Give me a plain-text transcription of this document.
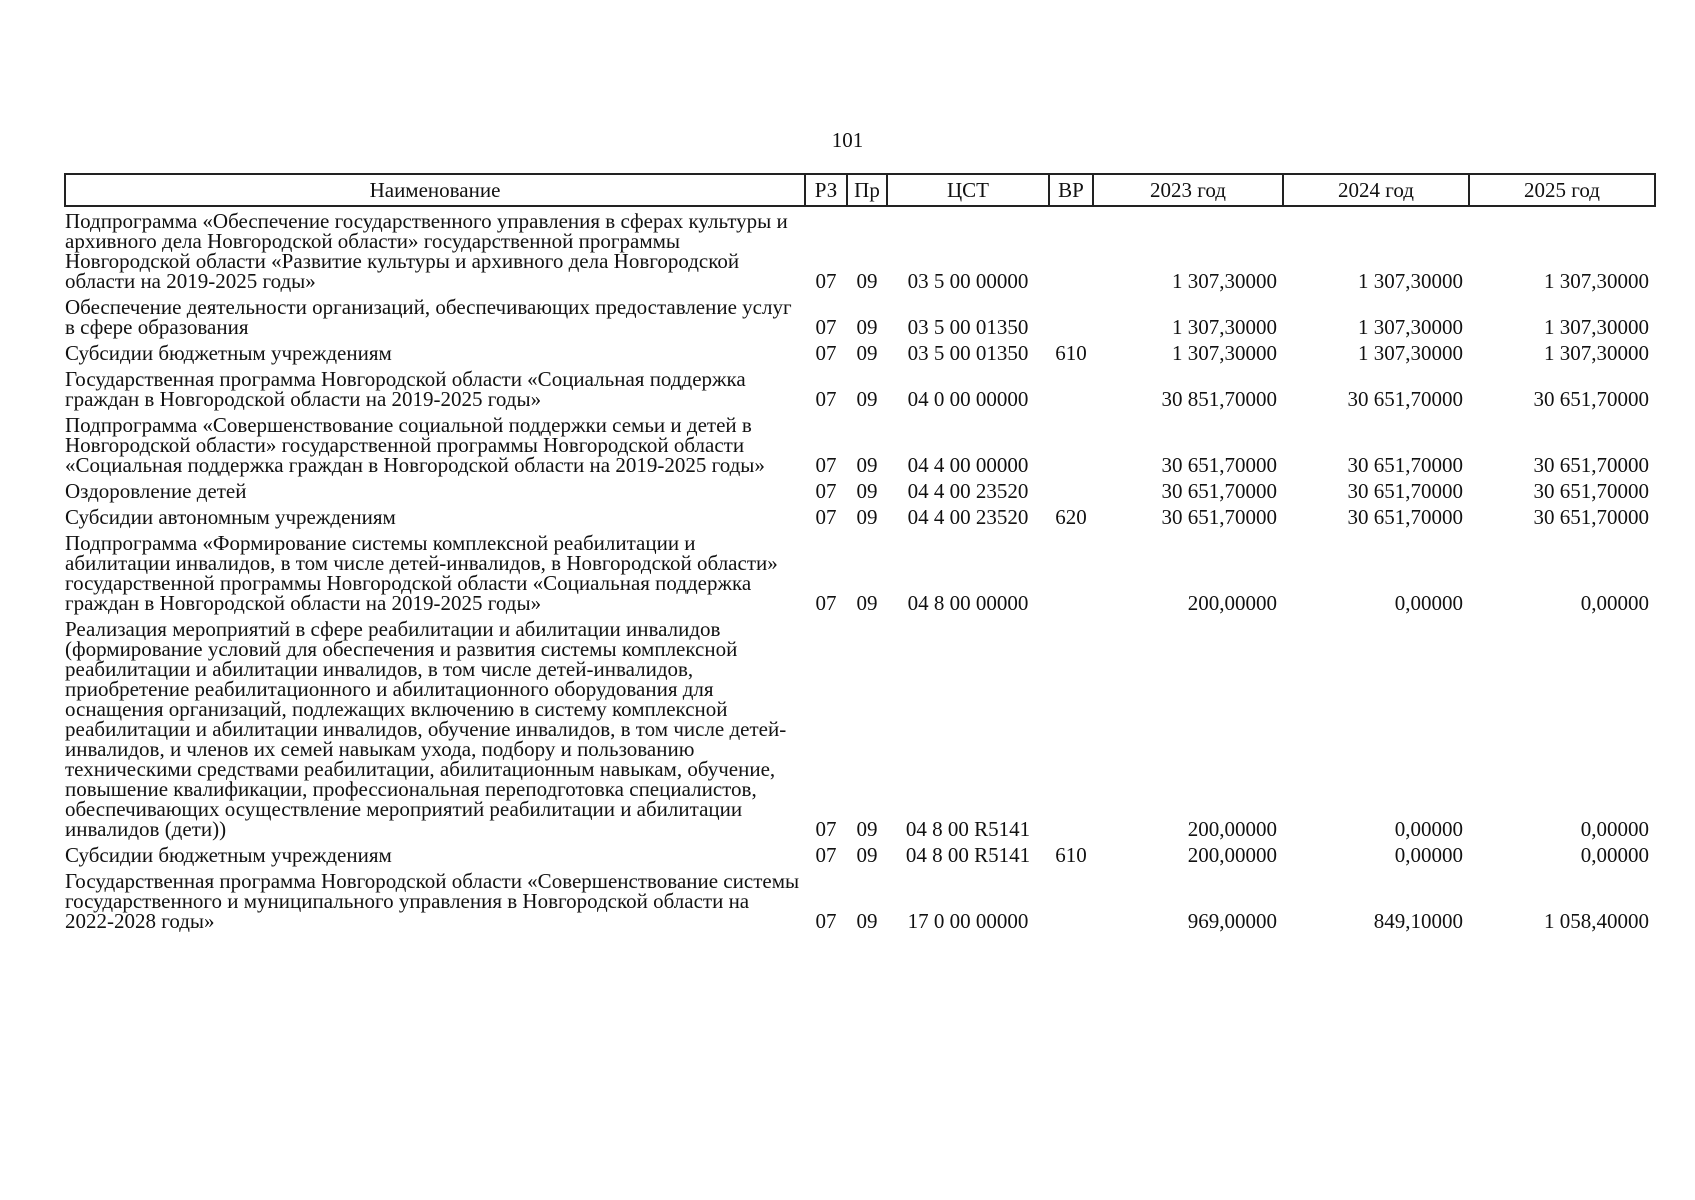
101
Наименование	РЗ	Пр	ЦСТ	ВР	2023 год	2024 год	2025 год
Подпрограмма «Обеспечение государственного управления в сферах культуры и архивного дела Новгородской области» государственной программы Новгородской области «Развитие культуры и архивного дела Новгородской области на 2019-2025 годы»	07	09	03 5 00 00000		1 307,30000	1 307,30000	1 307,30000
Обеспечение деятельности организаций, обеспечивающих предоставление услуг в сфере образования	07	09	03 5 00 01350		1 307,30000	1 307,30000	1 307,30000
Субсидии бюджетным учреждениям	07	09	03 5 00 01350	610	1 307,30000	1 307,30000	1 307,30000
Государственная программа Новгородской области «Социальная поддержка граждан в Новгородской области на 2019-2025 годы»	07	09	04 0 00 00000		30 851,70000	30 651,70000	30 651,70000
Подпрограмма «Совершенствование социальной поддержки семьи и детей в Новгородской области» государственной программы Новгородской области «Социальная поддержка граждан в Новгородской области на 2019-2025 годы»	07	09	04 4 00 00000		30 651,70000	30 651,70000	30 651,70000
Оздоровление детей	07	09	04 4 00 23520		30 651,70000	30 651,70000	30 651,70000
Субсидии автономным учреждениям	07	09	04 4 00 23520	620	30 651,70000	30 651,70000	30 651,70000
Подпрограмма «Формирование системы комплексной реабилитации и абилитации инвалидов, в том числе детей-инвалидов, в Новгородской области» государственной программы Новгородской области «Социальная поддержка граждан в Новгородской области на 2019-2025 годы»	07	09	04 8 00 00000		200,00000	0,00000	0,00000
Реализация мероприятий в сфере реабилитации и абилитации инвалидов (формирование условий для обеспечения и развития системы комплексной реабилитации и абилитации инвалидов, в том числе детей-инвалидов, приобретение реабилитационного и абилитационного оборудования для оснащения организаций, подлежащих включению в систему комплексной реабилитации и абилитации инвалидов, обучение инвалидов, в том числе детей-инвалидов, и членов их семей навыкам ухода, подбору и пользованию техническими средствами реабилитации, абилитационным навыкам, обучение, повышение квалификации, профессиональная переподготовка специалистов, обеспечивающих осуществление мероприятий реабилитации и абилитации инвалидов (дети))	07	09	04 8 00 R5141		200,00000	0,00000	0,00000
Субсидии бюджетным учреждениям	07	09	04 8 00 R5141	610	200,00000	0,00000	0,00000
Государственная программа Новгородской области «Совершенствование системы государственного и муниципального управления в Новгородской области на 2022-2028 годы»	07	09	17 0 00 00000		969,00000	849,10000	1 058,40000
